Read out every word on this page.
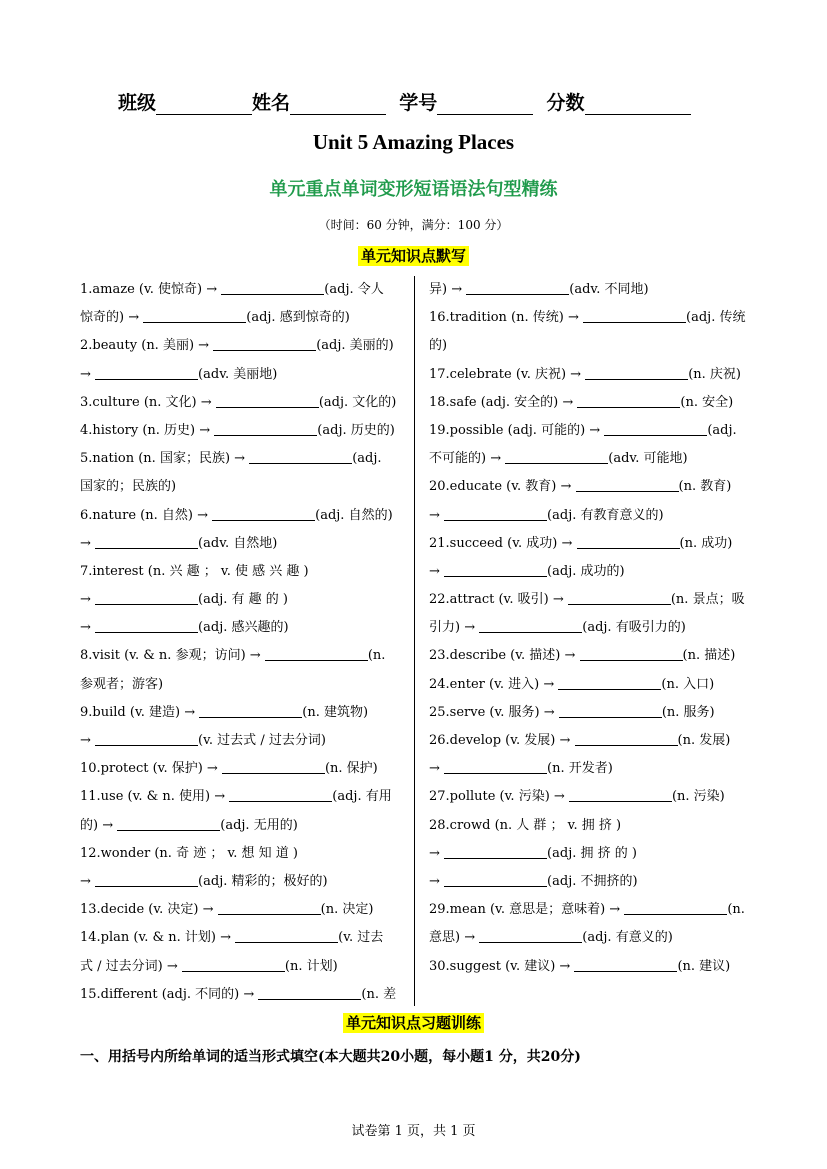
班级	姓名	学号	分数
Unit 5 Amazing Places
单元重点单词变形短语语法句型精练
（时间：60 分钟，满分：100 分）
单元知识点默写
1.amaze (v. 使惊奇) →	(adj. 令人
惊奇的) →	(adj. 感到惊奇的)
2.beauty (n. 美丽) →	(adj. 美丽的)
→	(adv. 美丽地)
3.culture (n. 文化) →	(adj. 文化的)
4.history (n. 历史) →	(adj. 历史的)
5.nation (n. 国家；民族) →	(adj.
国家的；民族的)
6.nature (n. 自然) →	(adj. 自然的)
→	(adv. 自然地)
7.interest (n. 兴 趣 ； v. 使 感 兴 趣 )
→	(adj. 有 趣 的 )
→	(adj. 感兴趣的)
8.visit (v. & n. 参观；访问) →	(n.
参观者；游客)
9.build (v. 建造) →	(n. 建筑物)
→	(v. 过去式 / 过去分词)
10.protect (v. 保护) →	(n. 保护)
11.use (v. & n. 使用) →	(adj. 有用
的) →	(adj. 无用的)
12.wonder (n. 奇 迹 ； v. 想 知 道 )
→	(adj. 精彩的；极好的)
13.decide (v. 决定) →	(n. 决定)
14.plan (v. & n. 计划) →	(v. 过去
式 / 过去分词) →	(n. 计划)
15.different (adj. 不同的) →	(n. 差
异) →	(adv. 不同地)
16.tradition (n. 传统) →	(adj. 传统
的)
17.celebrate (v. 庆祝) →	(n. 庆祝)
18.safe (adj. 安全的) →	(n. 安全)
19.possible (adj. 可能的) →	(adj.
不可能的) →	(adv. 可能地)
20.educate (v. 教育) →	(n. 教育)
→	(adj. 有教育意义的)
21.succeed (v. 成功) →	(n. 成功)
→	(adj. 成功的)
22.attract (v. 吸引) →	(n. 景点；吸
引力) →	(adj. 有吸引力的)
23.describe (v. 描述) →	(n. 描述)
24.enter (v. 进入) →	(n. 入口)
25.serve (v. 服务) →	(n. 服务)
26.develop (v. 发展) →	(n. 发展)
→	(n. 开发者)
27.pollute (v. 污染) →	(n. 污染)
28.crowd (n. 人 群 ； v. 拥 挤 )
→	(adj. 拥 挤 的 )
→	(adj. 不拥挤的)
29.mean (v. 意思是；意味着) →	(n.
意思) →	(adj. 有意义的)
30.suggest (v. 建议) →	(n. 建议)
单元知识点习题训练
一、用括号内所给单词的适当形式填空(本大题共20小题，每小题1 分，共20分)
试卷第 1 页，共 1 页
